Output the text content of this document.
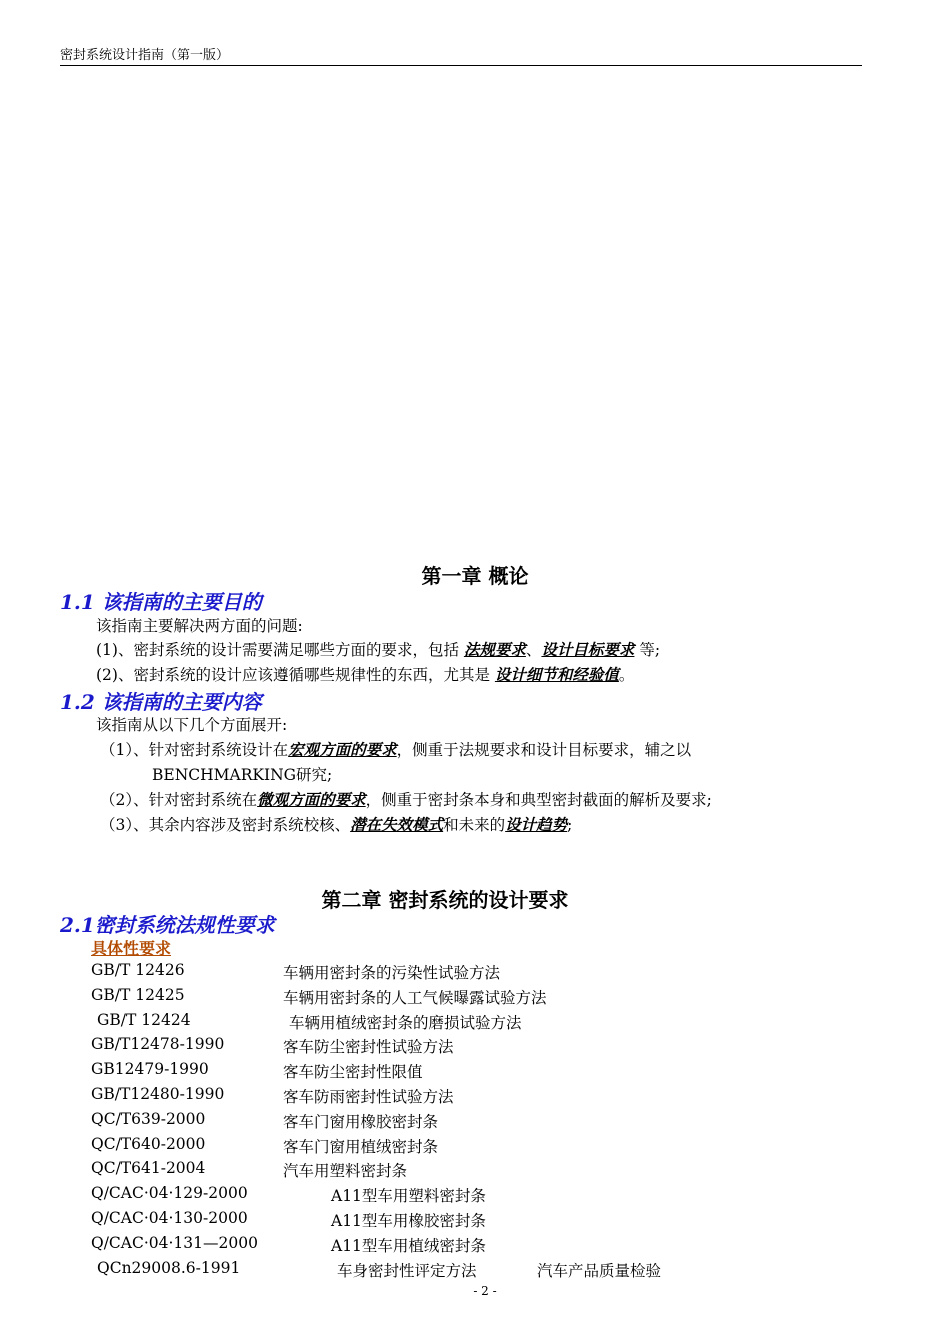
密封系统设计指南（第一版）
第一章 概论
1.1 该指南的主要目的
该指南主要解决两方面的问题:
(1)、密封系统的设计需要满足哪些方面的要求，包括 法规要求、设计目标要求 等;
(2)、密封系统的设计应该遵循哪些规律性的东西，尤其是 设计细节和经验值。
1.2 该指南的主要内容
该指南从以下几个方面展开:
（1）、针对密封系统设计在宏观方面的要求，侧重于法规要求和设计目标要求，辅之以
BENCHMARKING研究;
（2）、针对密封系统在微观方面的要求，侧重于密封条本身和典型密封截面的解析及要求;
（3）、其余内容涉及密封系统校核、潜在失效模式和未来的设计趋势;
第二章 密封系统的设计要求
2.1密封系统法规性要求
具体性要求
GB/T 12426	车辆用密封条的污染性试验方法
GB/T 12425	车辆用密封条的人工气候曝露试验方法
GB/T 12424	车辆用植绒密封条的磨损试验方法
GB/T12478-1990	客车防尘密封性试验方法
GB12479-1990	客车防尘密封性限值
GB/T12480-1990	客车防雨密封性试验方法
QC/T639-2000	客车门窗用橡胶密封条
QC/T640-2000	客车门窗用植绒密封条
QC/T641-2004	汽车用塑料密封条
Q/CAC·04·129-2000	A11型车用塑料密封条
Q/CAC·04·130-2000	A11型车用橡胶密封条
Q/CAC·04·131—2000	A11型车用植绒密封条
QCn29008.6-1991	车身密封性评定方法	汽车产品质量检验
- 2 -
